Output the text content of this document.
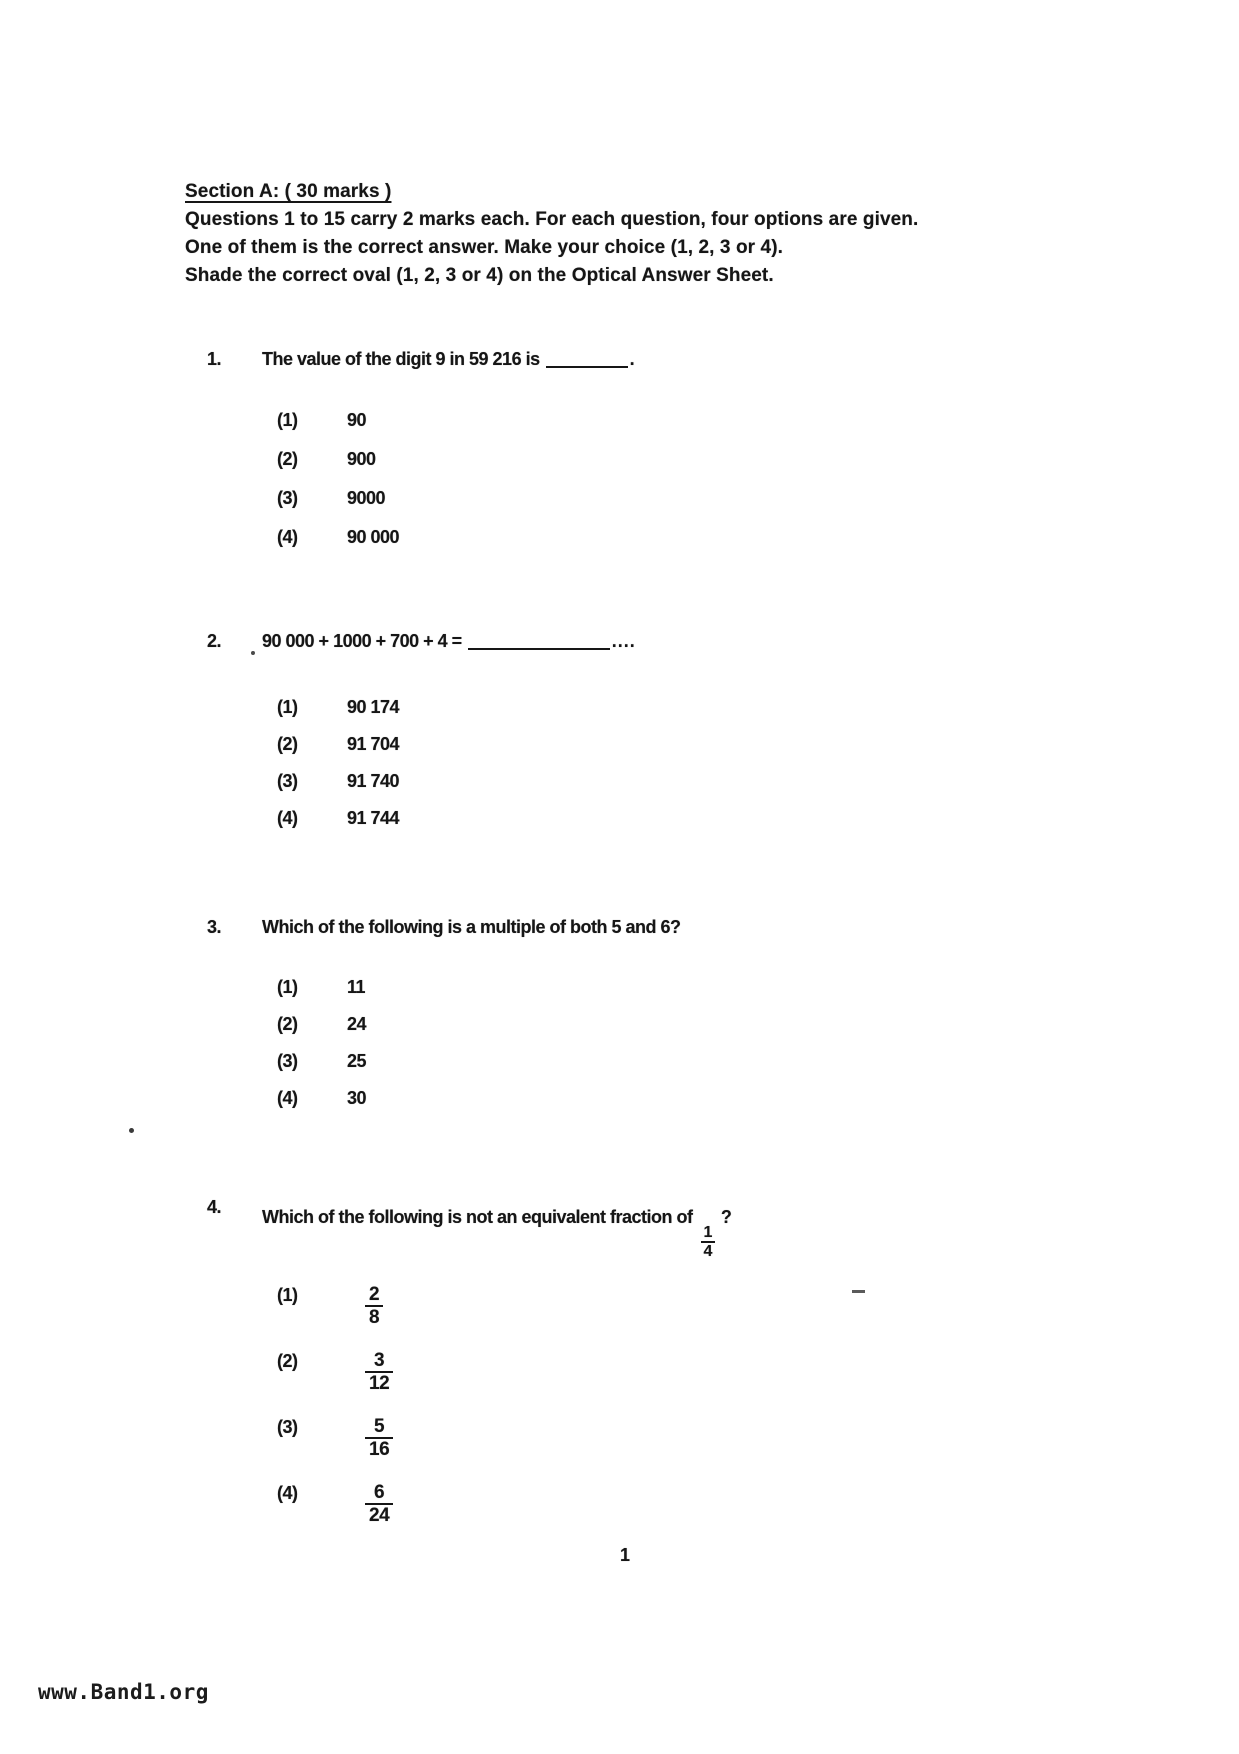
Section A: ( 30 marks )
Questions 1 to 15 carry 2 marks each. For each question, four options are given.
One of them is the correct answer. Make your choice (1, 2, 3 or 4).
Shade the correct oval (1, 2, 3 or 4) on the Optical Answer Sheet.
1.	The value of the digit 9 in 59 216 is	.
(1)	90
(2)	900
(3)	9000
(4)	90 000
2.	90 000 + 1000 + 700 + 4 =	....
(1)	90 174
(2)	91 704
(3)	91 740
(4)	91 744
3.	Which of the following is a multiple of both 5 and 6?
(1)	11
(2)	24
(3)	25
(4)	30
4.	Which of the following is not an equivalent fraction of
$\frac{1}{4}$
?
(1)	$\frac{2}{8}$
(2)	$\frac{3}{12}$
(3)	$\frac{5}{16}$
(4)	$\frac{6}{24}$
1
www.Band1.org
